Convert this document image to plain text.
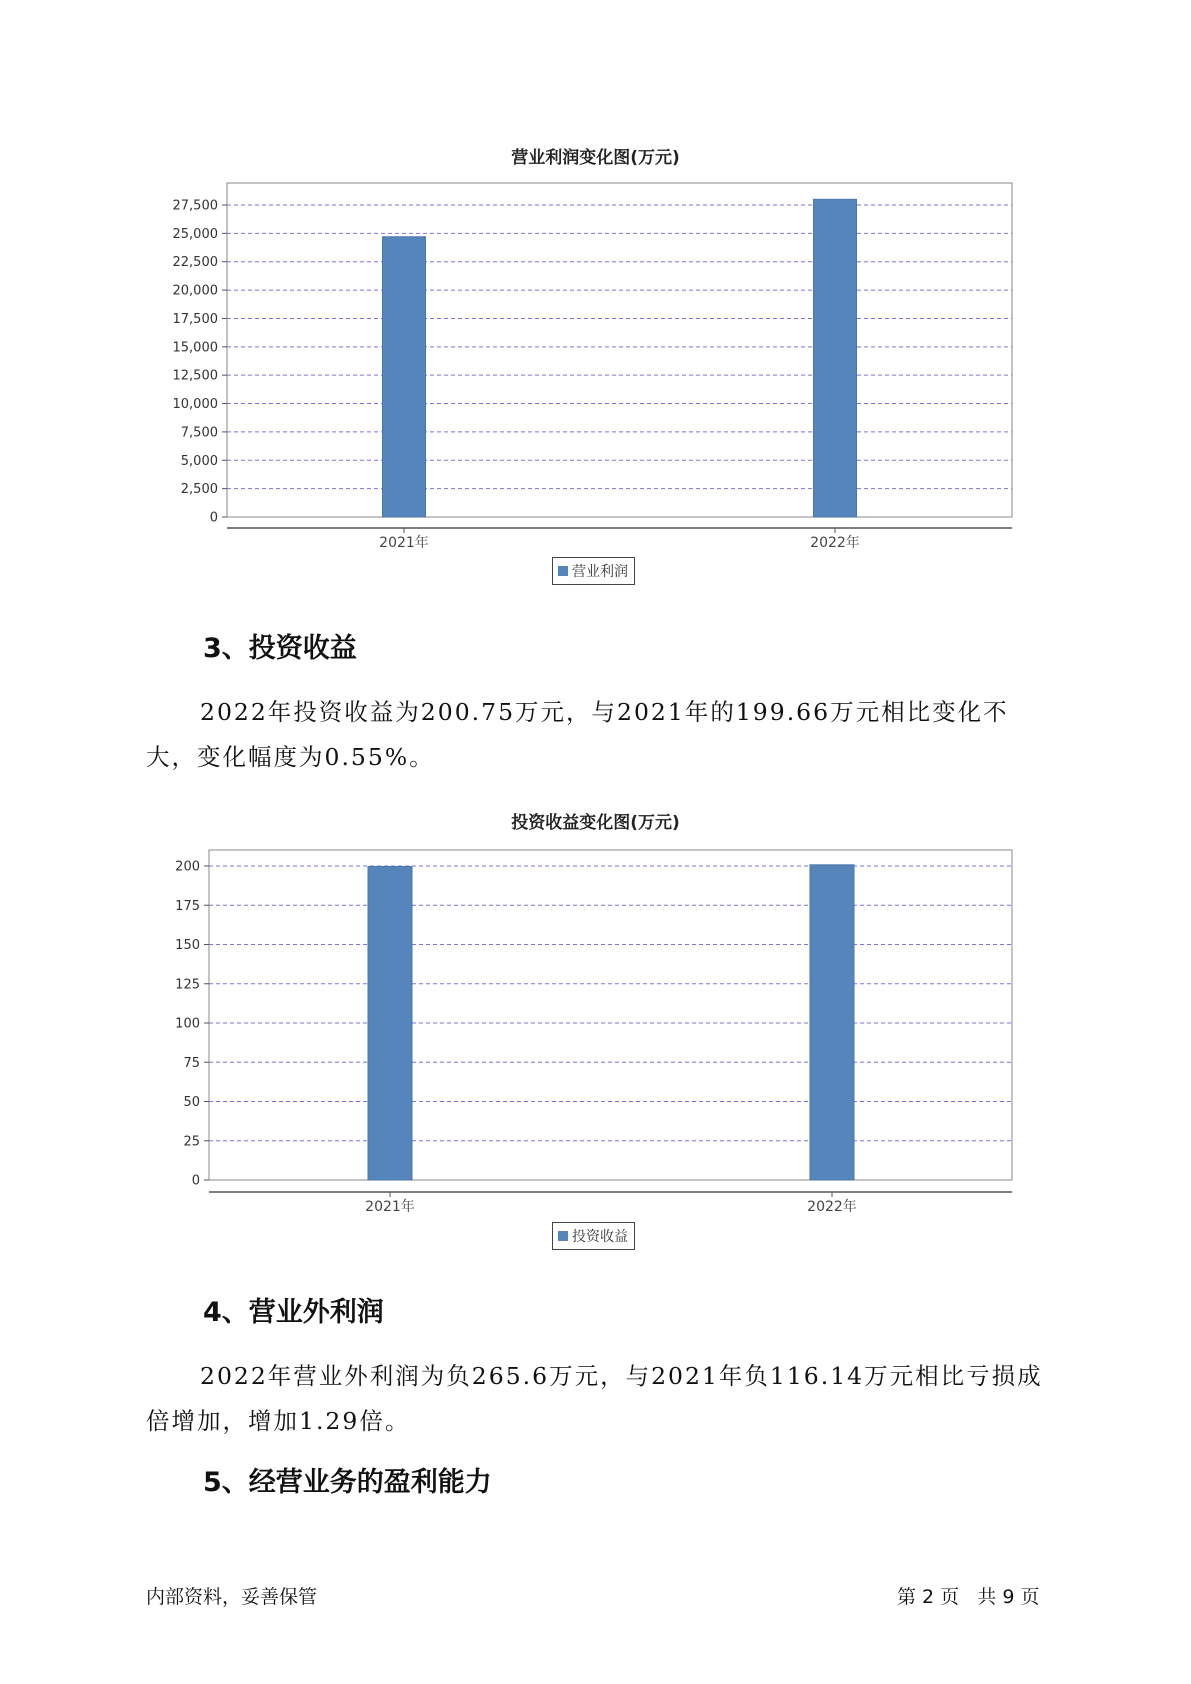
营业利润变化图(万元)
0
2,500
5,000
7,500
10,000
12,500
15,000
17,500
20,000
22,500
25,000
27,500
2021年	2022年
营业利润
3、投资收益

2022年投资收益为200.75万元，与2021年的199.66万元相比变化不大，变化幅度为0.55%。

投资收益变化图(万元)
0
25
50
75
100
125
150
175
200
2021年	2022年
投资收益
4、营业外利润

2022年营业外利润为负265.6万元，与2021年负116.14万元相比亏损成倍增加，增加1.29倍。

5、经营业务的盈利能力
内部资料，妥善保管	第 2 页   共 9 页
